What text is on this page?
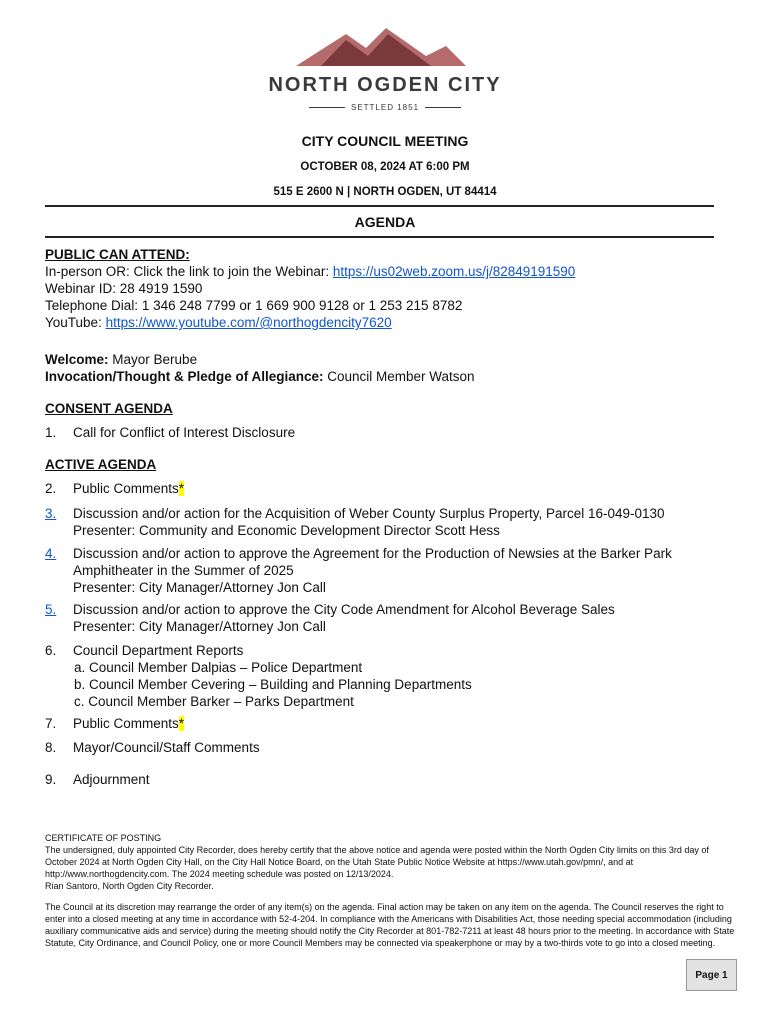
NORTH OGDEN CITY
SETTLED 1851
CITY COUNCIL MEETING
OCTOBER 08, 2024 AT 6:00 PM
515 E 2600 N | NORTH OGDEN, UT 84414
AGENDA
PUBLIC CAN ATTEND:
In-person OR: Click the link to join the Webinar: https://us02web.zoom.us/j/82849191590
Webinar ID: 28 4919 1590
Telephone Dial: 1 346 248 7799 or 1 669 900 9128 or 1 253 215 8782
YouTube: https://www.youtube.com/@northogdencity7620
Welcome: Mayor Berube
Invocation/Thought & Pledge of Allegiance: Council Member Watson
CONSENT AGENDA
1. Call for Conflict of Interest Disclosure
ACTIVE AGENDA
2. Public Comments*
3. Discussion and/or action for the Acquisition of Weber County Surplus Property, Parcel 16-049-0130
Presenter: Community and Economic Development Director Scott Hess
4. Discussion and/or action to approve the Agreement for the Production of Newsies at the Barker Park
Amphitheater in the Summer of 2025
Presenter: City Manager/Attorney Jon Call
5. Discussion and/or action to approve the City Code Amendment for Alcohol Beverage Sales
Presenter: City Manager/Attorney Jon Call
6. Council Department Reports
a. Council Member Dalpias – Police Department
b. Council Member Cevering – Building and Planning Departments
c. Council Member Barker – Parks Department
7. Public Comments*
8. Mayor/Council/Staff Comments
9. Adjournment
CERTIFICATE OF POSTING
The undersigned, duly appointed City Recorder, does hereby certify that the above notice and agenda were posted within the North Ogden City limits on this 3rd day of October 2024 at North Ogden City Hall, on the City Hall Notice Board, on the Utah State Public Notice Website at https://www.utah.gov/pmn/, and at http://www.northogdencity.com. The 2024 meeting schedule was posted on 12/13/2024.
Rian Santoro, North Ogden City Recorder.
The Council at its discretion may rearrange the order of any item(s) on the agenda. Final action may be taken on any item on the agenda. The Council reserves the right to enter into a closed meeting at any time in accordance with 52-4-204. In compliance with the Americans with Disabilities Act, those needing special accommodation (including auxiliary communicative aids and service) during the meeting should notify the City Recorder at 801-782-7211 at least 48 hours prior to the meeting. In accordance with State Statute, City Ordinance, and Council Policy, one or more Council Members may be connected via speakerphone or may by a two-thirds vote to go into a closed meeting.
Page 1
